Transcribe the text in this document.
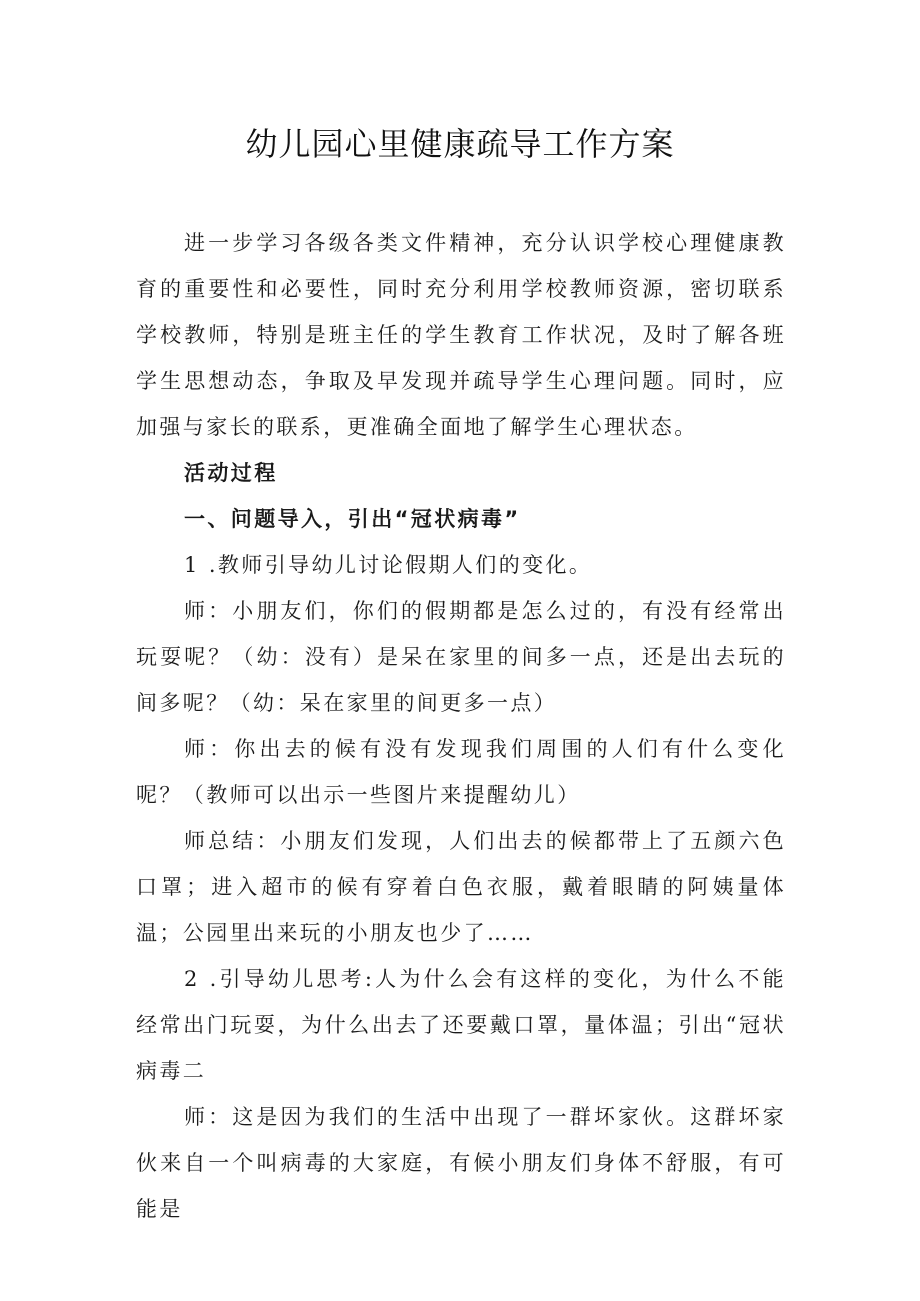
幼儿园心里健康疏导工作方案

进一步学习各级各类文件精神，充分认识学校心理健康教育的重要性和必要性，同时充分利用学校教师资源，密切联系学校教师，特别是班主任的学生教育工作状况，及时了解各班学生思想动态，争取及早发现并疏导学生心理问题。同时，应加强与家长的联系，更准确全面地了解学生心理状态。

活动过程

一、问题导入，引出“冠状病毒”

1 .教师引导幼儿讨论假期人们的变化。

师：小朋友们，你们的假期都是怎么过的，有没有经常出玩耍呢？（幼：没有）是呆在家里的间多一点，还是出去玩的间多呢？（幼：呆在家里的间更多一点）

师：你出去的候有没有发现我们周围的人们有什么变化呢？（教师可以出示一些图片来提醒幼儿）

师总结：小朋友们发现，人们出去的候都带上了五颜六色口罩；进入超市的候有穿着白色衣服，戴着眼睛的阿姨量体温；公园里出来玩的小朋友也少了……

2 .引导幼儿思考:人为什么会有这样的变化，为什么不能经常出门玩耍，为什么出去了还要戴口罩，量体温；引出“冠状病毒二

师：这是因为我们的生活中出现了一群坏家伙。这群坏家伙来自一个叫病毒的大家庭，有候小朋友们身体不舒服，有可能是
